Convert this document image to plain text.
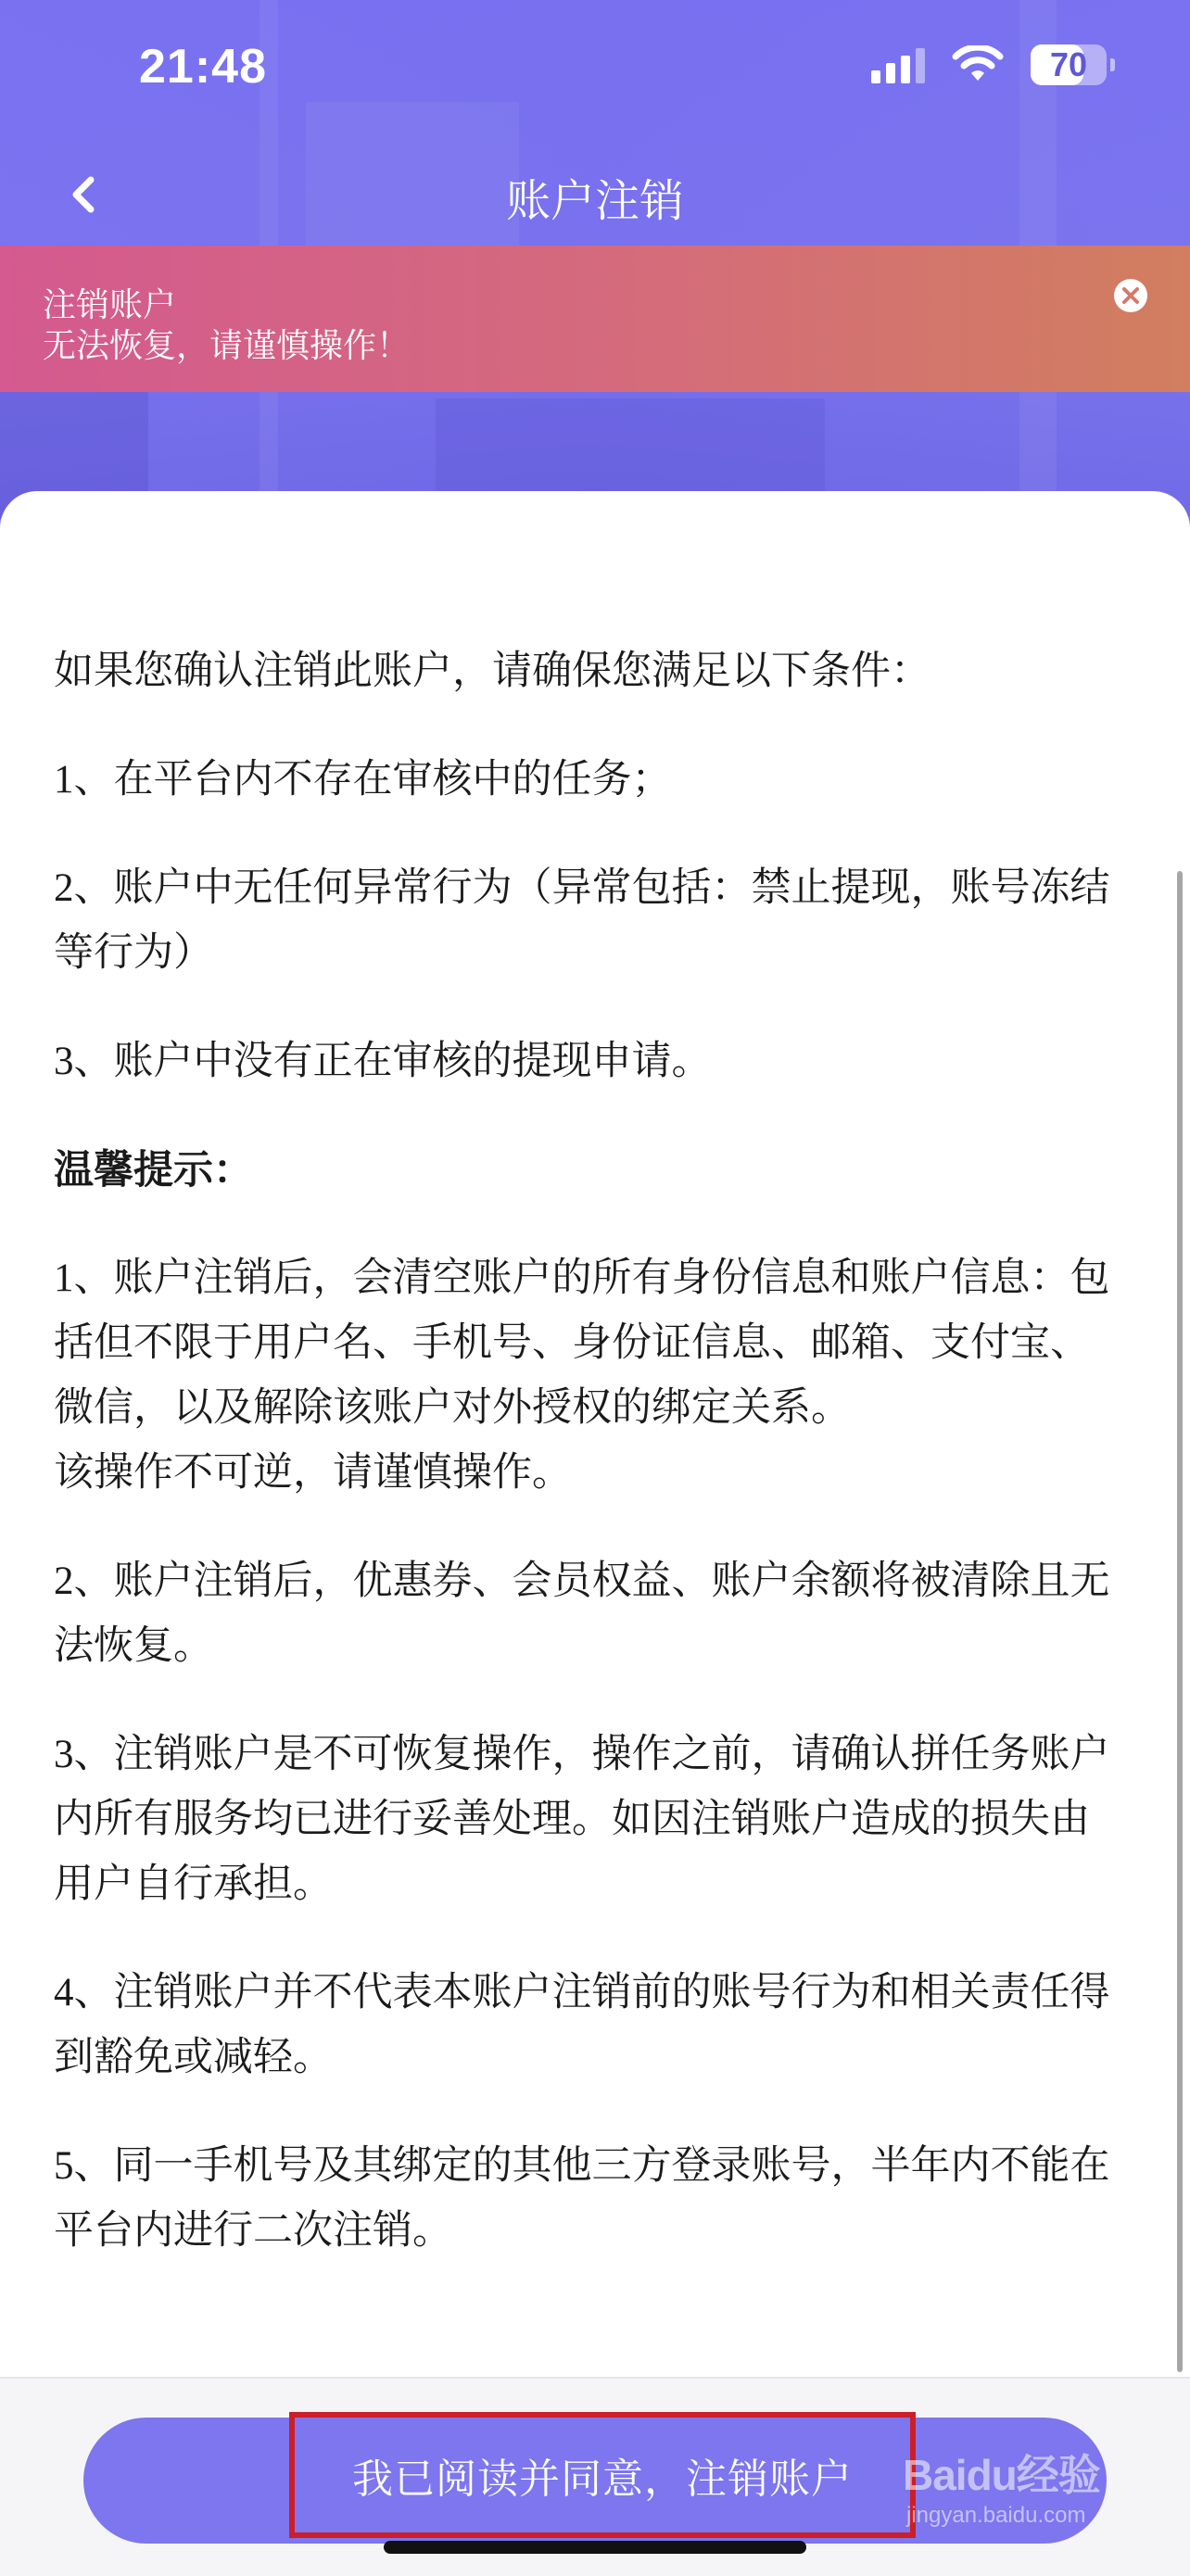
21:48	70
账户注销
注销账户
无法恢复，请谨慎操作！

如果您确认注销此账户，请确保您满足以下条件：

1、在平台内不存在审核中的任务；

2、账户中无任何异常行为（异常包括：禁止提现，账号冻结等行为）

3、账户中没有正在审核的提现申请。

温馨提示：

1、账户注销后，会清空账户的所有身份信息和账户信息：包括但不限于用户名、手机号、身份证信息、邮箱、支付宝、微信，以及解除该账户对外授权的绑定关系。
该操作不可逆，请谨慎操作。

2、账户注销后，优惠券、会员权益、账户余额将被清除且无法恢复。

3、注销账户是不可恢复操作，操作之前，请确认拼任务账户内所有服务均已进行妥善处理。如因注销账户造成的损失由用户自行承担。

4、注销账户并不代表本账户注销前的账号行为和相关责任得到豁免或减轻。

5、同一手机号及其绑定的其他三方登录账号，半年内不能在平台内进行二次注销。

我已阅读并同意，注销账户 Baidu经验
jingyan.baidu.com
